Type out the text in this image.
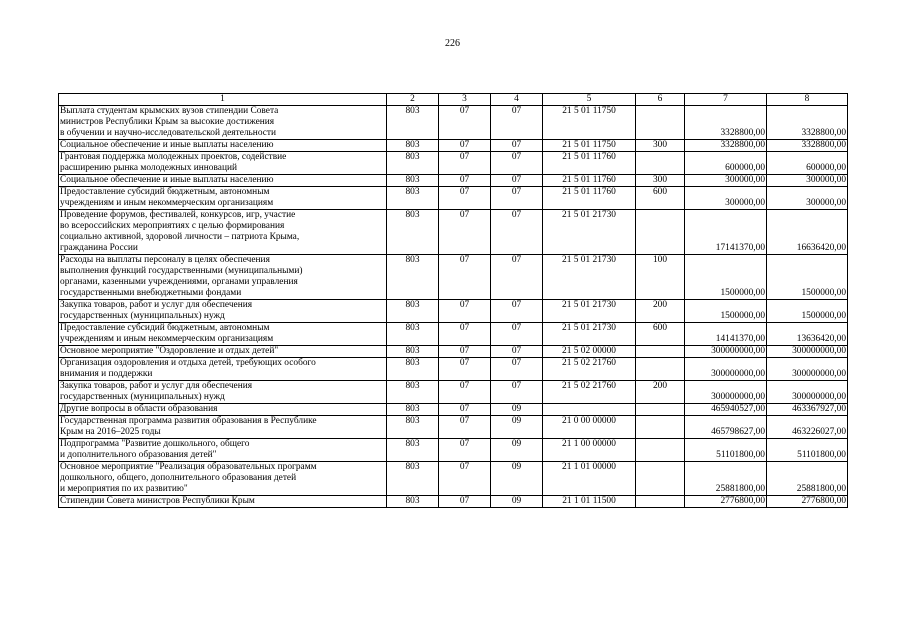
226
1	2	3	4	5	6	7	8

Выплата студентам крымских вузов стипендии Совета
министров Республики Крым за высокие достижения
в обучении и научно-исследовательской деятельности	803	07	07	21 5 01 11750		3328800,00	3328800,00

Социальное обеспечение и иные выплаты населению	803	07	07	21 5 01 11750	300	3328800,00	3328800,00

Грантовая поддержка молодежных проектов, содействие
расширению рынка молодежных инноваций	803	07	07	21 5 01 11760		600000,00	600000,00

Социальное обеспечение и иные выплаты населению	803	07	07	21 5 01 11760	300	300000,00	300000,00

Предоставление субсидий бюджетным, автономным
учреждениям и иным некоммерческим организациям	803	07	07	21 5 01 11760	600	300000,00	300000,00

Проведение форумов, фестивалей, конкурсов, игр, участие
во всероссийских мероприятиях с целью формирования
социально активной, здоровой личности – патриота Крыма,
гражданина России	803	07	07	21 5 01 21730		17141370,00	16636420,00

Расходы на выплаты персоналу в целях обеспечения
выполнения функций государственными (муниципальными)
органами, казенными учреждениями, органами управления
государственными внебюджетными фондами	803	07	07	21 5 01 21730	100	1500000,00	1500000,00

Закупка товаров, работ и услуг для обеспечения
государственных (муниципальных) нужд	803	07	07	21 5 01 21730	200	1500000,00	1500000,00

Предоставление субсидий бюджетным, автономным
учреждениям и иным некоммерческим организациям	803	07	07	21 5 01 21730	600	14141370,00	13636420,00

Основное мероприятие "Оздоровление и отдых детей"	803	07	07	21 5 02 00000		300000000,00	300000000,00

Организация оздоровления и отдыха детей, требующих особого
внимания и поддержки	803	07	07	21 5 02 21760		300000000,00	300000000,00

Закупка товаров, работ и услуг для обеспечения
государственных (муниципальных) нужд	803	07	07	21 5 02 21760	200	300000000,00	300000000,00

Другие вопросы в области образования	803	07	09			465940527,00	463367927,00

Государственная программа развития образования в Республике
Крым на 2016–2025 годы	803	07	09	21 0 00 00000		465798627,00	463226027,00

Подпрограмма "Развитие дошкольного, общего
и дополнительного образования детей"	803	07	09	21 1 00 00000		51101800,00	51101800,00

Основное мероприятие "Реализация образовательных программ
дошкольного, общего, дополнительного образования детей
и мероприятия по их развитию"	803	07	09	21 1 01 00000		25881800,00	25881800,00

Стипендии Совета министров Республики Крым	803	07	09	21 1 01 11500		2776800,00	2776800,00
